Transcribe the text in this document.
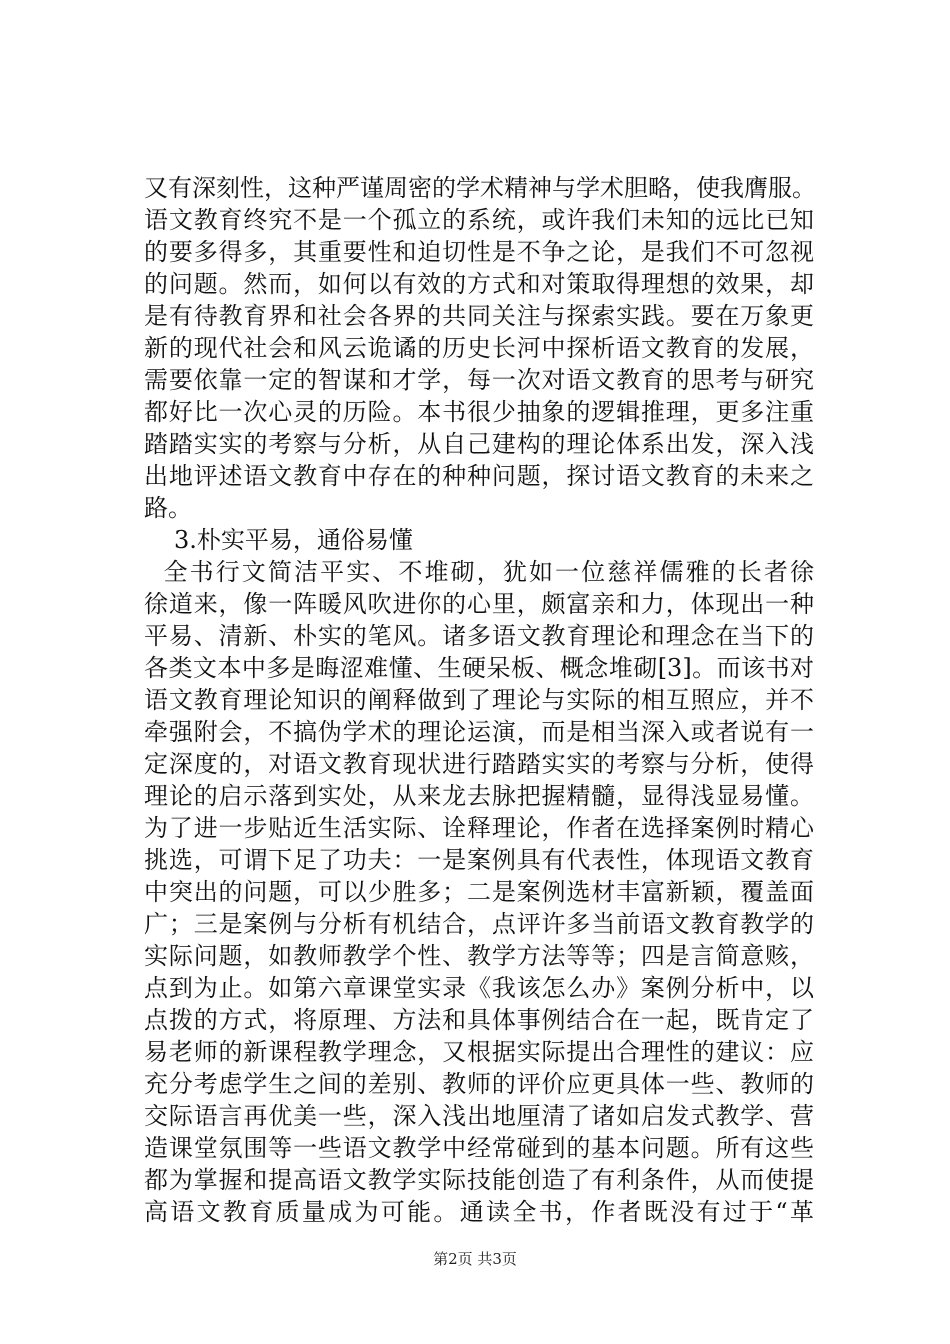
又有深刻性，这种严谨周密的学术精神与学术胆略，使我膺服。
语文教育终究不是一个孤立的系统，或许我们未知的远比已知
的要多得多，其重要性和迫切性是不争之论，是我们不可忽视
的问题。然而，如何以有效的方式和对策取得理想的效果，却
是有待教育界和社会各界的共同关注与探索实践。要在万象更
新的现代社会和风云诡谲的历史长河中探析语文教育的发展，
需要依靠一定的智谋和才学，每一次对语文教育的思考与研究
都好比一次心灵的历险。本书很少抽象的逻辑推理，更多注重
踏踏实实的考察与分析，从自己建构的理论体系出发，深入浅
出地评述语文教育中存在的种种问题，探讨语文教育的未来之
路。
3.朴实平易，通俗易懂
全书行文简洁平实、不堆砌，犹如一位慈祥儒雅的长者徐
徐道来，像一阵暖风吹进你的心里，颇富亲和力，体现出一种
平易、清新、朴实的笔风。诸多语文教育理论和理念在当下的
各类文本中多是晦涩难懂、生硬呆板、概念堆砌[3]。而该书对
语文教育理论知识的阐释做到了理论与实际的相互照应，并不
牵强附会，不搞伪学术的理论运演，而是相当深入或者说有一
定深度的，对语文教育现状进行踏踏实实的考察与分析，使得
理论的启示落到实处，从来龙去脉把握精髓，显得浅显易懂。
为了进一步贴近生活实际、诠释理论，作者在选择案例时精心
挑选，可谓下足了功夫：一是案例具有代表性，体现语文教育
中突出的问题，可以少胜多；二是案例选材丰富新颖，覆盖面
广；三是案例与分析有机结合，点评许多当前语文教育教学的
实际问题，如教师教学个性、教学方法等等；四是言简意赅，
点到为止。如第六章课堂实录《我该怎么办》案例分析中，以
点拨的方式，将原理、方法和具体事例结合在一起，既肯定了
易老师的新课程教学理念，又根据实际提出合理性的建议：应
充分考虑学生之间的差别、教师的评价应更具体一些、教师的
交际语言再优美一些，深入浅出地厘清了诸如启发式教学、营
造课堂氛围等一些语文教学中经常碰到的基本问题。所有这些
都为掌握和提高语文教学实际技能创造了有利条件，从而使提
高语文教育质量成为可能。通读全书，作者既没有过于“革
第2页 共3页
